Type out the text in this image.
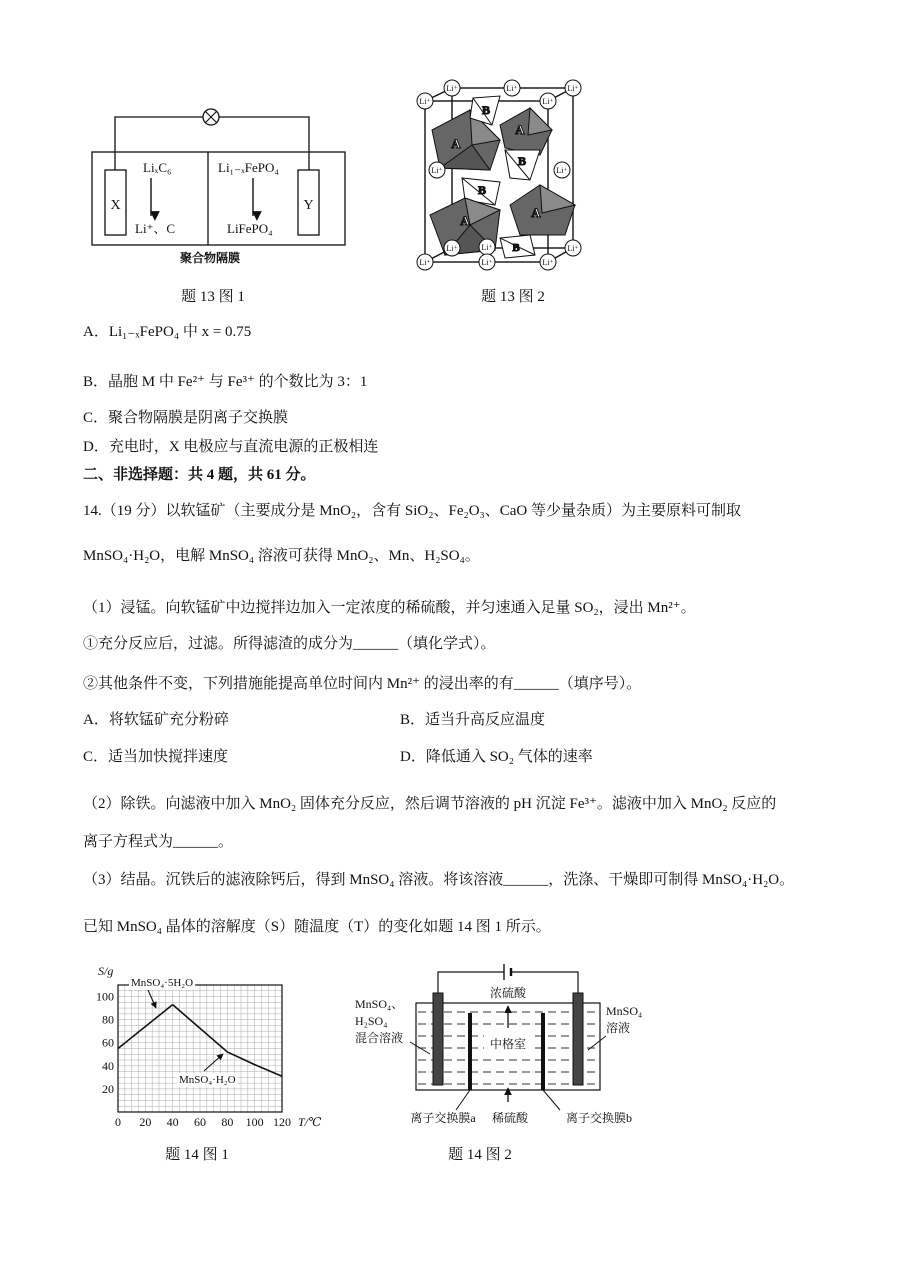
X	Y
LiₓC₆
Li⁺、C
Li₁₋ₓFePO₄
LiFePO₄
聚合物隔膜
题 13 图 1
A
B
A
B
B
A
A
B
Li⁺
Li⁺	Li⁺
Li⁺
Li⁺
Li⁺	Li⁺
Li⁺	Li⁺	Li⁺
Li⁺	Li⁺	Li⁺
题 13 图 2
A．Li₁₋ₓFePO₄ 中 x = 0.75
B．晶胞 M 中 Fe²⁺ 与 Fe³⁺ 的个数比为 3：1
C．聚合物隔膜是阴离子交换膜
D．充电时，X 电极应与直流电源的正极相连
二、非选择题：共 4 题，共 61 分。
14.（19 分）以软锰矿（主要成分是 MnO₂，含有 SiO₂、Fe₂O₃、CaO 等少量杂质）为主要原料可制取
MnSO₄·H₂O，电解 MnSO₄ 溶液可获得 MnO₂、Mn、H₂SO₄。
（1）浸锰。向软锰矿中边搅拌边加入一定浓度的稀硫酸，并匀速通入足量 SO₂，浸出 Mn²⁺。
①充分反应后，过滤。所得滤渣的成分为______（填化学式）。
②其他条件不变，下列措施能提高单位时间内 Mn²⁺ 的浸出率的有______（填序号）。
A．将软锰矿充分粉碎	B．适当升高反应温度
C．适当加快搅拌速度	D．降低通入 SO₂ 气体的速率
（2）除铁。向滤液中加入 MnO₂ 固体充分反应，然后调节溶液的 pH 沉淀 Fe³⁺。滤液中加入 MnO₂ 反应的
离子方程式为______。
（3）结晶。沉铁后的滤液除钙后，得到 MnSO₄ 溶液。将该溶液______，洗涤、干燥即可制得 MnSO₄·H₂O。
已知 MnSO₄ 晶体的溶解度（S）随温度（T）的变化如题 14 图 1 所示。
0 20 40 60 80 100 120
20
40
60
80
100
MnSO₄·5H₂O
MnSO₄·H₂O
S/g
T/℃
题 14 图 1
浓硫酸
中格室
MnSO₄、
H₂SO₄
混合溶液
MnSO₄
溶液
离子交换膜a 稀硫酸	离子交换膜b
题 14 图 2
